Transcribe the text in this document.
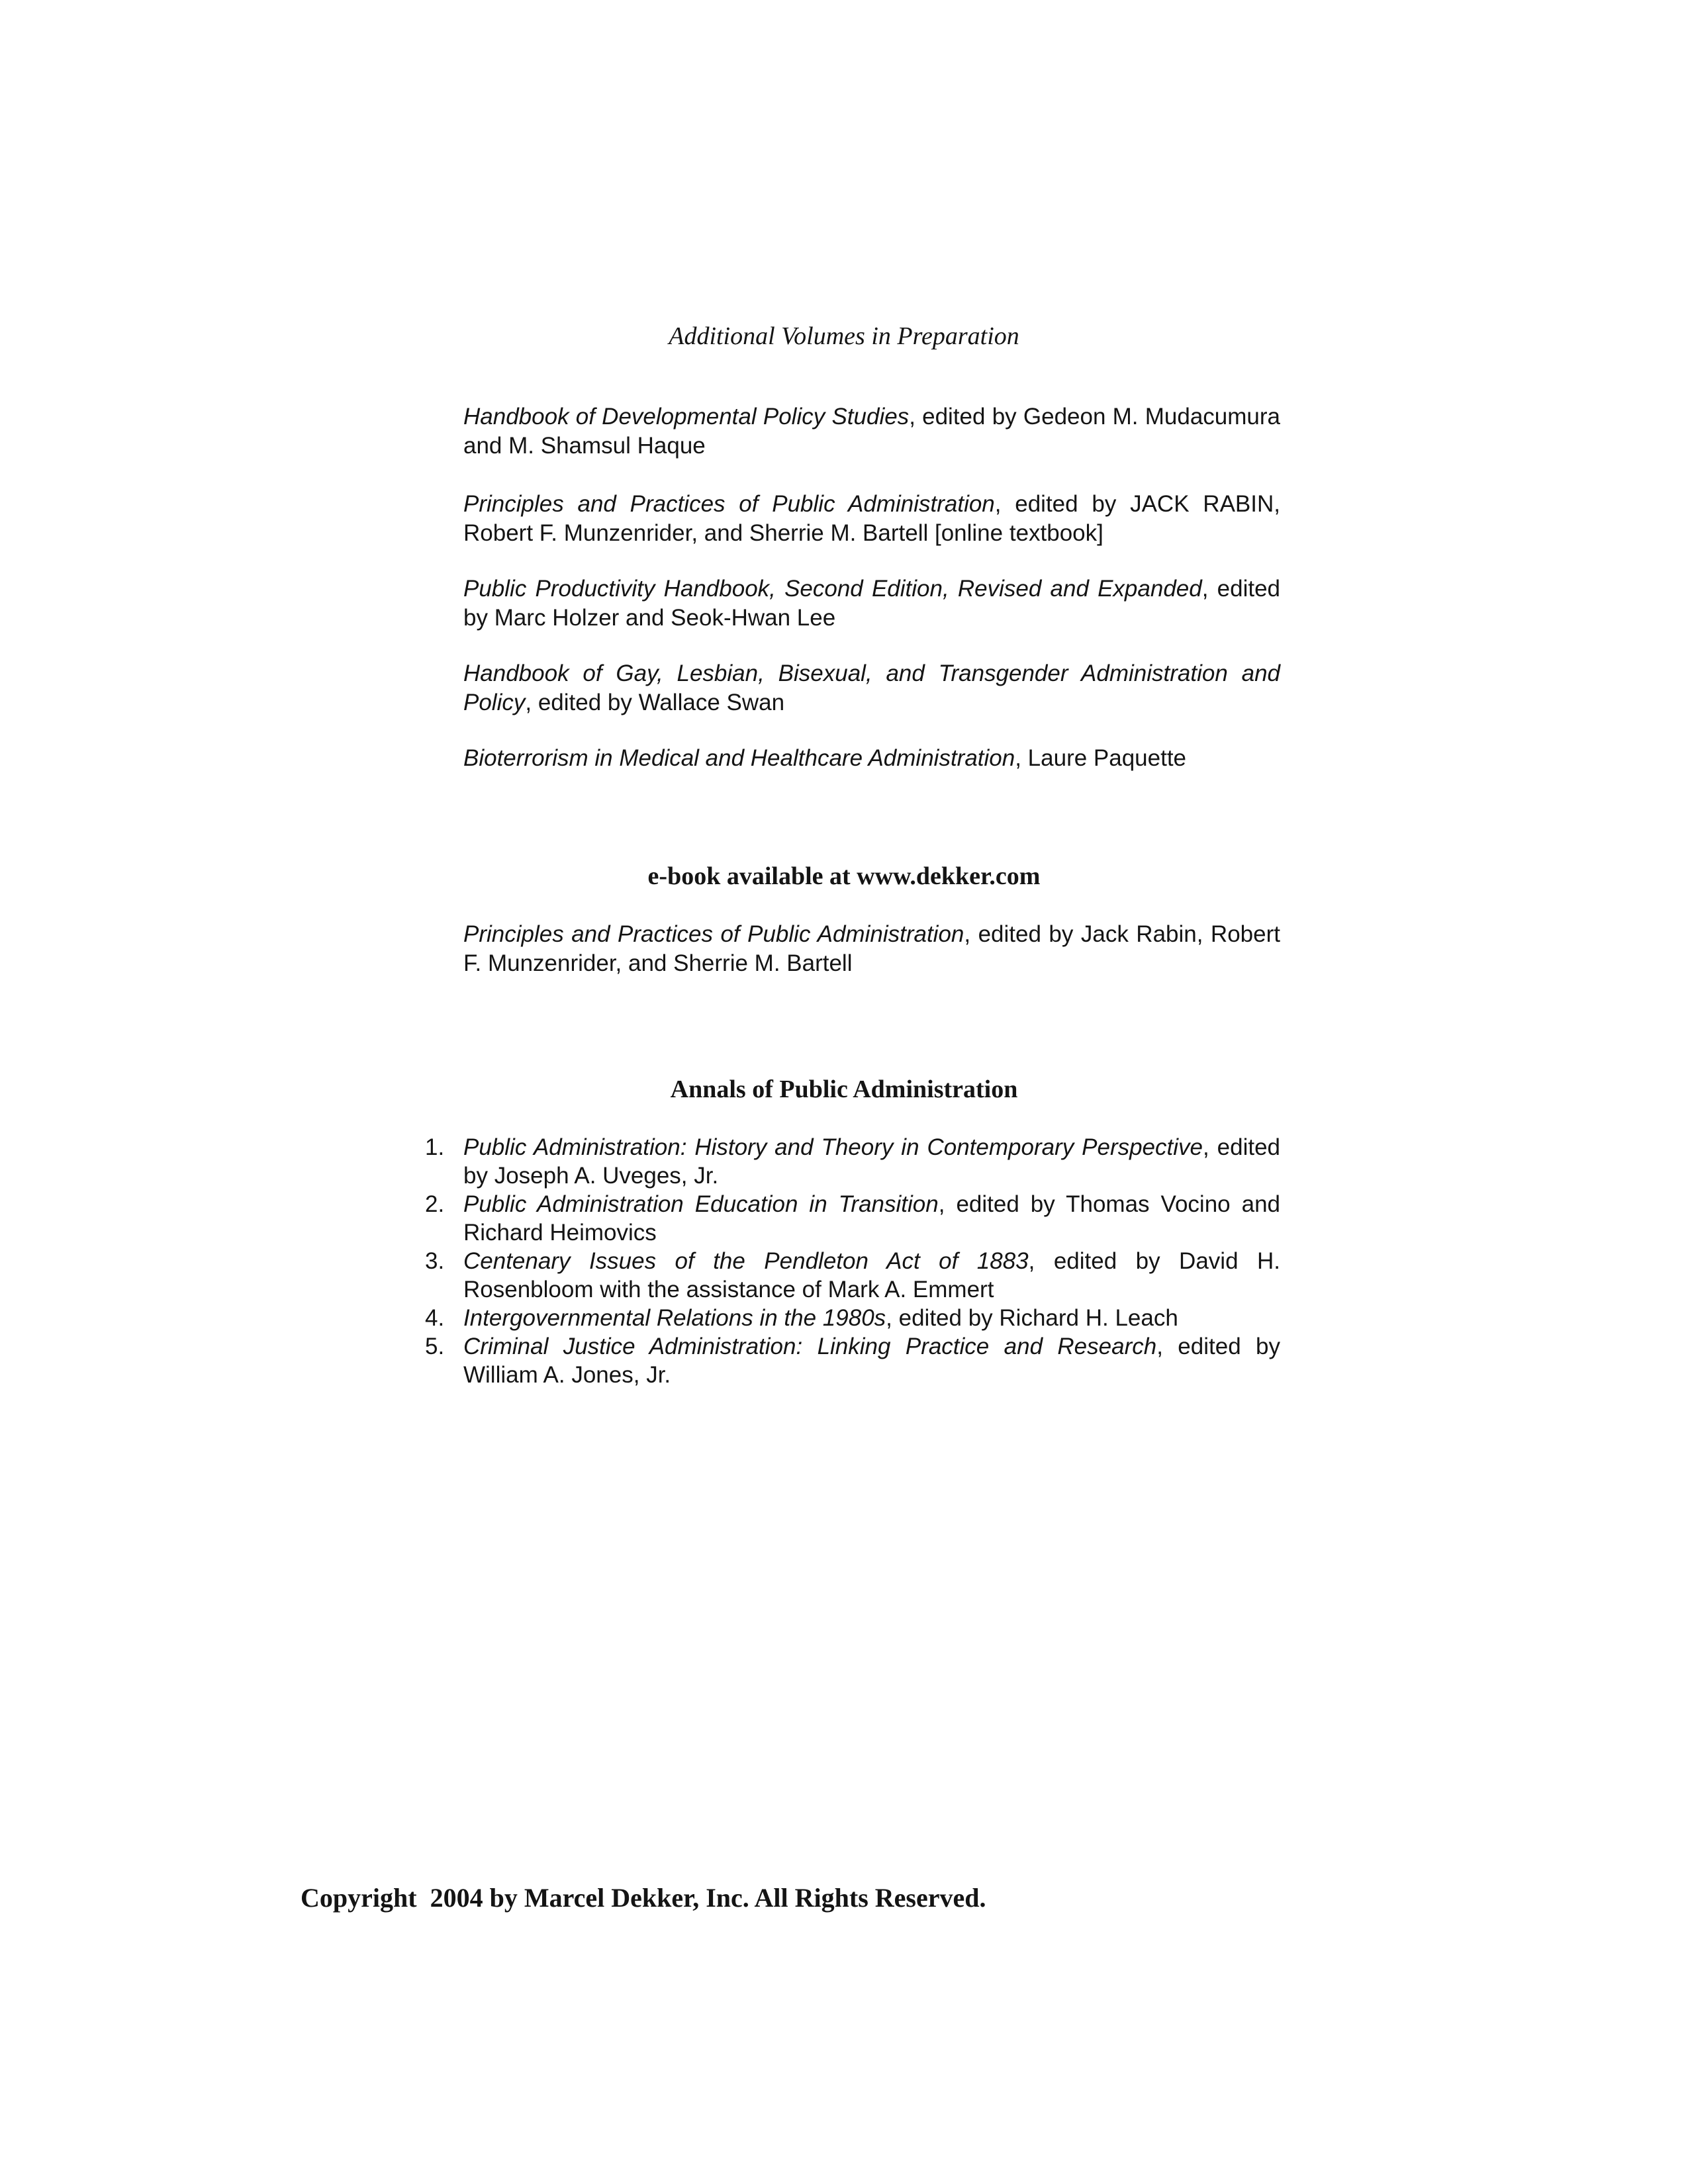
Additional Volumes in Preparation
Handbook of Developmental Policy Studies, edited by Gedeon M. Mudacumura and M. Shamsul Haque
Principles and Practices of Public Administration, edited by JACK RABIN, Robert F. Munzenrider, and Sherrie M. Bartell [online textbook]
Public Productivity Handbook, Second Edition, Revised and Expanded, edited by Marc Holzer and Seok-Hwan Lee
Handbook of Gay, Lesbian, Bisexual, and Transgender Administration and Policy, edited by Wallace Swan
Bioterrorism in Medical and Healthcare Administration, Laure Paquette
e-book available at www.dekker.com
Principles and Practices of Public Administration, edited by Jack Rabin, Robert F. Munzenrider, and Sherrie M. Bartell
Annals of Public Administration
1. Public Administration: History and Theory in Contemporary Perspective, edited by Joseph A. Uveges, Jr.
2. Public Administration Education in Transition, edited by Thomas Vocino and Richard Heimovics
3. Centenary Issues of the Pendleton Act of 1883, edited by David H. Rosenbloom with the assistance of Mark A. Emmert
4. Intergovernmental Relations in the 1980s, edited by Richard H. Leach
5. Criminal Justice Administration: Linking Practice and Research, edited by William A. Jones, Jr.
Copyright  2004 by Marcel Dekker, Inc. All Rights Reserved.
